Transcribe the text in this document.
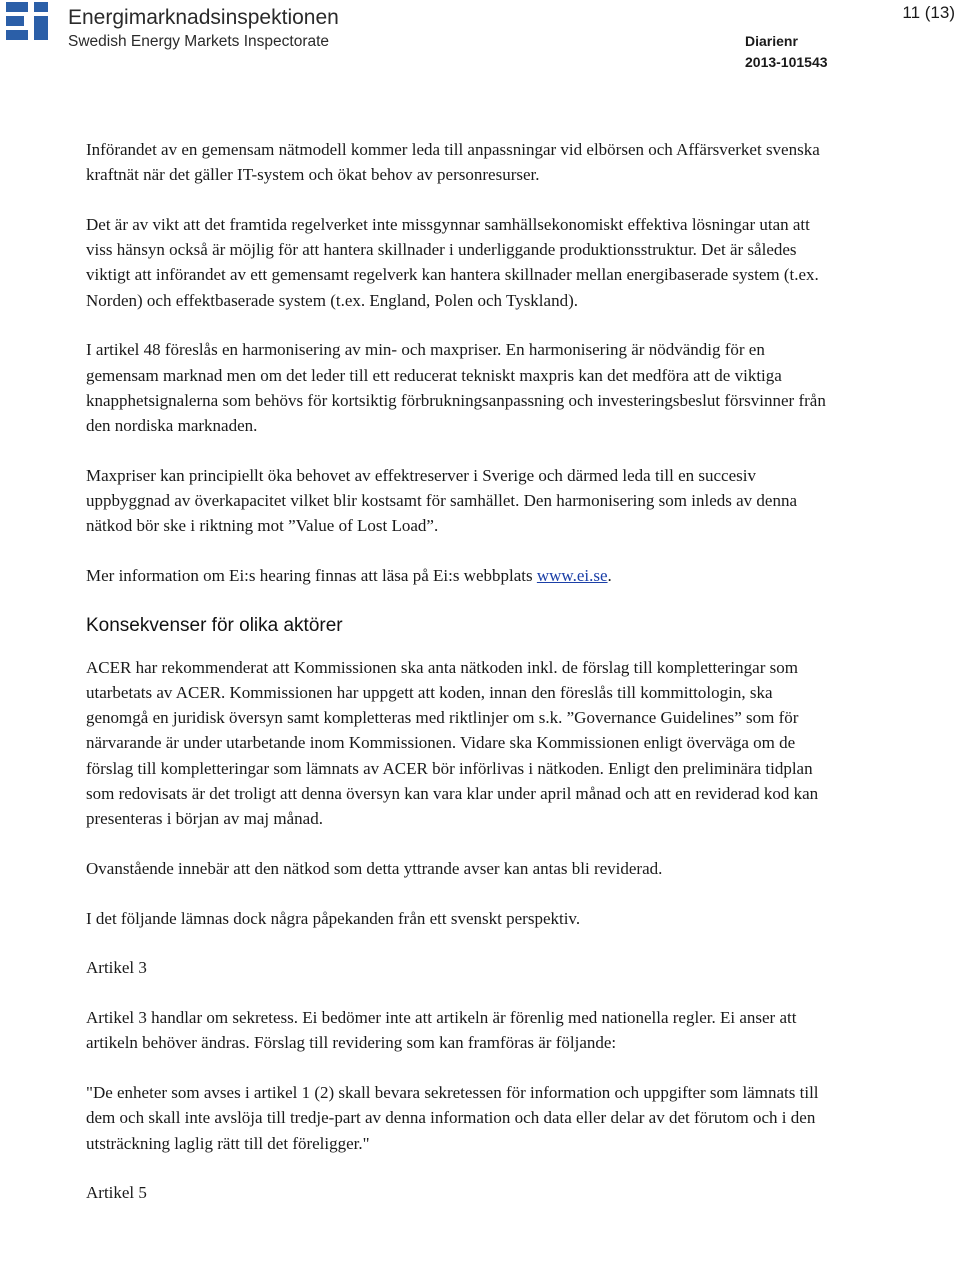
Energimarknadsinspektionen
Swedish Energy Markets Inspectorate
11 (13)
Diarienr
2013-101543

Införandet av en gemensam nätmodell kommer leda till anpassningar vid elbörsen och Affärsverket svenska kraftnät när det gäller IT-system och ökat behov av personresurser.

Det är av vikt att det framtida regelverket inte missgynnar samhällsekonomiskt effektiva lösningar utan att viss hänsyn också är möjlig för att hantera skillnader i underliggande produktionsstruktur. Det är således viktigt att införandet av ett gemensamt regelverk kan hantera skillnader mellan energibaserade system (t.ex. Norden) och effektbaserade system (t.ex. England, Polen och Tyskland).

I artikel 48 föreslås en harmonisering av min- och maxpriser. En harmonisering är nödvändig för en gemensam marknad men om det leder till ett reducerat tekniskt maxpris kan det medföra att de viktiga knapphetsignalerna som behövs för kortsiktig förbrukningsanpassning och investeringsbeslut försvinner från den nordiska marknaden.

Maxpriser kan principiellt öka behovet av effektreserver i Sverige och därmed leda till en succesiv uppbyggnad av överkapacitet vilket blir kostsamt för samhället. Den harmonisering som inleds av denna nätkod bör ske i riktning mot ”Value of Lost Load”.

Mer information om Ei:s hearing finnas att läsa på Ei:s webbplats www.ei.se.

Konsekvenser för olika aktörer

ACER har rekommenderat att Kommissionen ska anta nätkoden inkl. de förslag till kompletteringar som utarbetats av ACER. Kommissionen har uppgett att koden, innan den föreslås till kommittologin, ska genomgå en juridisk översyn samt kompletteras med riktlinjer om s.k. ”Governance Guidelines” som för närvarande är under utarbetande inom Kommissionen. Vidare ska Kommissionen enligt överväga om de förslag till kompletteringar som lämnats av ACER bör införlivas i nätkoden. Enligt den preliminära tidplan som redovisats är det troligt att denna översyn kan vara klar under april månad och att en reviderad kod kan presenteras i början av maj månad.

Ovanstående innebär att den nätkod som detta yttrande avser kan antas bli reviderad.

I det följande lämnas dock några påpekanden från ett svenskt perspektiv.

Artikel 3

Artikel 3 handlar om sekretess. Ei bedömer inte att artikeln är förenlig med nationella regler. Ei anser att artikeln behöver ändras. Förslag till revidering som kan framföras är följande:

"De enheter som avses i artikel 1 (2) skall bevara sekretessen för information och uppgifter som lämnats till dem och skall inte avslöja till tredje-part av denna information och data eller delar av det förutom och i den utsträckning laglig rätt till det föreligger."

Artikel 5
